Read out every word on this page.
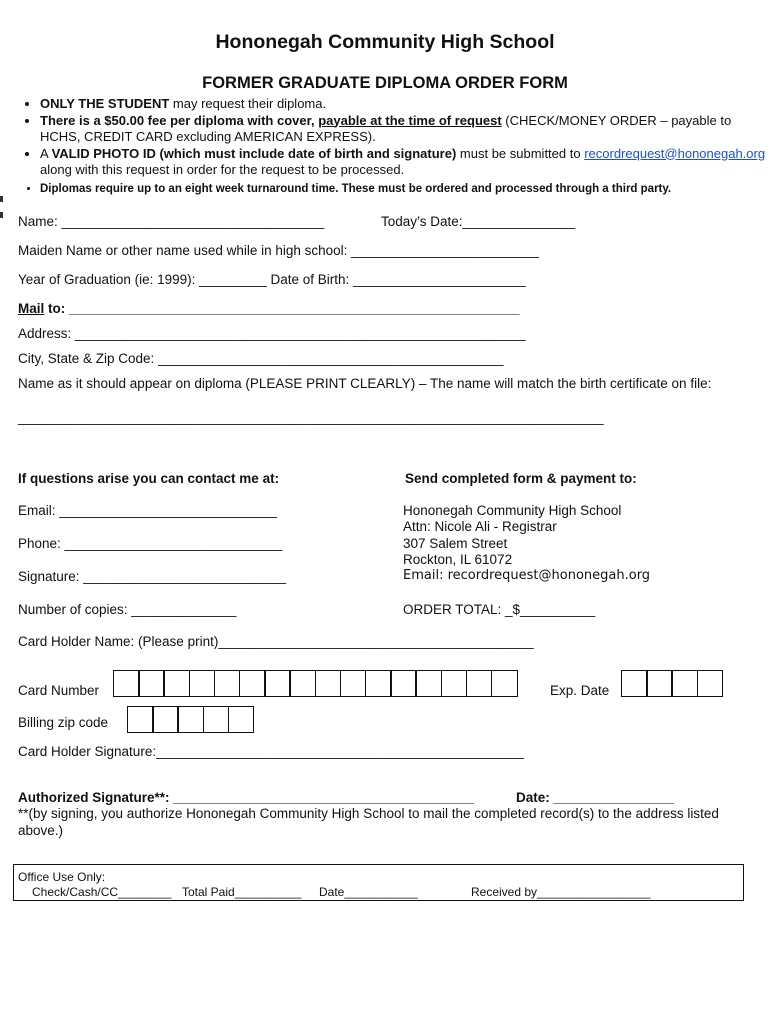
Hononegah Community High School
FORMER GRADUATE DIPLOMA ORDER FORM
• ONLY THE STUDENT may request their diploma.
• There is a $50.00 fee per diploma with cover, payable at the time of request (CHECK/MONEY ORDER – payable to HCHS, CREDIT CARD excluding AMERICAN EXPRESS).
• A VALID PHOTO ID (which must include date of birth and signature) must be submitted to recordrequest@hononegah.org along with this request in order for the request to be processed.
• Diplomas require up to an eight week turnaround time. These must be ordered and processed through a third party.
Name: ___________________________________	Today’s Date:_______________
Maiden Name or other name used while in high school: _________________________
Year of Graduation (ie: 1999): _________ Date of Birth: _______________________
Mail to: ____________________________________________________________
Address: ____________________________________________________________
City, State & Zip Code: ______________________________________________
Name as it should appear on diploma (PLEASE PRINT CLEARLY) – The name will match the birth certificate on file:
______________________________________________________________________________
If questions arise you can contact me at:	Send completed form & payment to:
Email: _____________________________
Phone: _____________________________
Signature: ___________________________
Number of copies: ______________
Hononegah Community High School
Attn: Nicole Ali - Registrar
307 Salem Street
Rockton, IL 61072
Email: recordrequest@hononegah.org
ORDER TOTAL: _$__________
Card Holder Name: (Please print)__________________________________________
Card Number	Exp. Date
Billing zip code
Card Holder Signature:_________________________________________________
Authorized Signature**: ________________________________________	Date: ________________
**(by signing, you authorize Hononegah Community High School to mail the completed record(s) to the address listed above.)
Office Use Only:
Check/Cash/CC________ Total Paid__________ Date___________	Received by_________________
